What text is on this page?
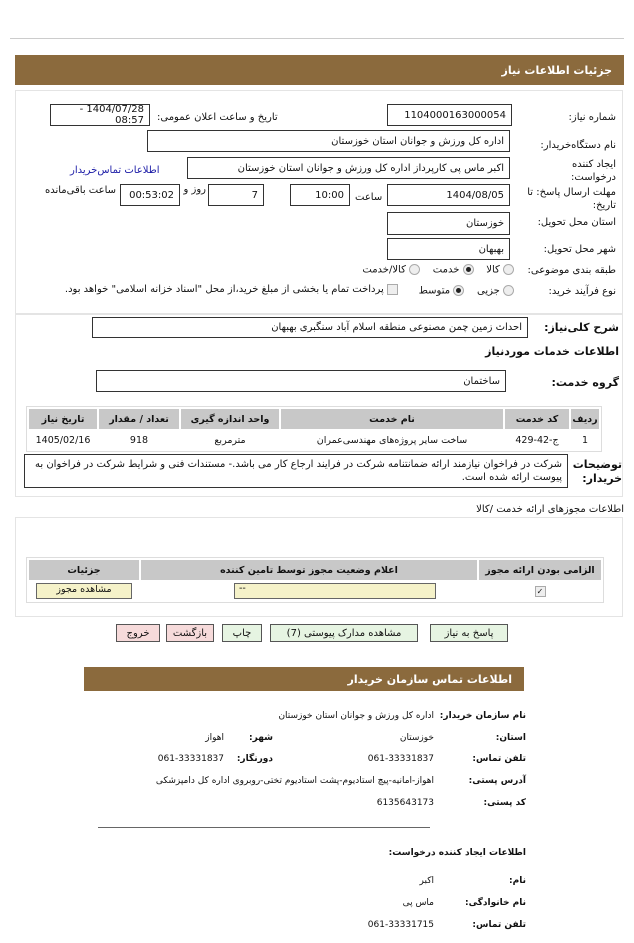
جزئیات اطلاعات نیاز
شماره نیاز:
1104000163000054
تاریخ و ساعت اعلان عمومی:
1404/07/28 - 08:57
نام دستگاه‌خریدار:
اداره کل ورزش و جوانان استان خوزستان
ایجاد کننده درخواست:
اکبر ماس پی کارپرداز اداره کل ورزش و جوانان استان خوزستان
اطلاعات تماس‌خریدار
مهلت ارسال پاسخ: تا تاریخ:
1404/08/05
ساعت
10:00
7
روز و
00:53:02
ساعت باقی‌مانده
استان محل تحویل:
خوزستان
شهر محل تحویل:
بهبهان
طبقه بندی موضوعی:
کالا     خدمت     کالا/خدمت
نوع فرآیند خرید:
جزیی     متوسط
پرداخت تمام یا بخشی از مبلغ خرید،از محل "اسناد خزانه اسلامی" خواهد بود.
شرح کلی‌نیاز:
احداث زمین چمن مصنوعی منطقه اسلام آباد سنگبری بهبهان
اطلاعات خدمات موردنیاز
گروه خدمت:
ساختمان
ردیف	کد خدمت	نام خدمت	واحد اندازه گیری	تعداد / مقدار	تاریخ نیاز
1	ج-42-429	ساخت سایر پروژه‌های مهندسی‌عمران	مترمربع	918	1405/02/16
توضیحات خریدار:
شرکت در فراخوان نیازمند ارائه ضمانتنامه شرکت در فرایند ارجاع کار می باشد.- مستندات فنی و شرایط شرکت در فراخوان به پیوست ارائه شده است.
اطلاعات مجوزهای ارائه خدمت /کالا
الزامی بودن ارائه مجوز	اعلام وضعیت مجوز توسط تامین کننده	جزئیات
✓	--	مشاهده مجوز
پاسخ به نیاز
مشاهده مدارک پیوستی (7)
چاپ
بازگشت
خروج
اطلاعات تماس سازمان خریدار
نام سازمان خریدار:
اداره کل ورزش و جوانان استان خوزستان
استان:
خوزستان
شهر:
اهواز
تلفن تماس:
061-33331837
دورنگار:
061-33331837
آدرس پستی:
اهواز-امانیه-پیچ استادیوم-پشت استادیوم تختی-روبروی اداره کل دامپزشکی
کد پستی:
6135643173
اطلاعات ایجاد کننده درخواست:
نام:
اکبر
نام خانوادگی:
ماس پی
تلفن تماس:
061-33331715
